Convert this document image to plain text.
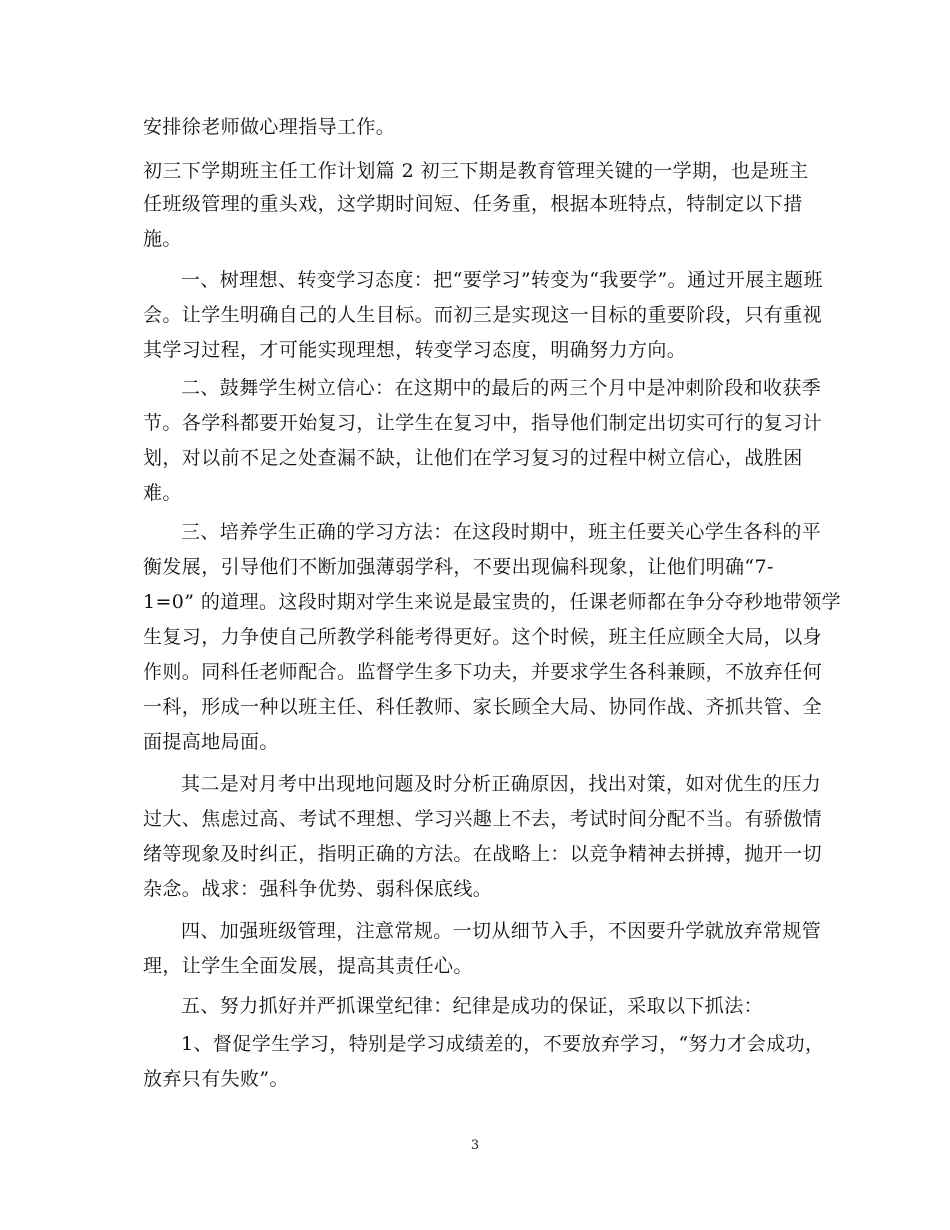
安排徐老师做心理指导工作。
初三下学期班主任工作计划篇 2 初三下期是教育管理关键的一学期，也是班主
任班级管理的重头戏，这学期时间短、任务重，根据本班特点，特制定以下措
施。
一、树理想、转变学习态度：把“要学习”转变为“我要学”。通过开展主题班
会。让学生明确自己的人生目标。而初三是实现这一目标的重要阶段，只有重视
其学习过程，才可能实现理想，转变学习态度，明确努力方向。
二、鼓舞学生树立信心：在这期中的最后的两三个月中是冲刺阶段和收获季
节。各学科都要开始复习，让学生在复习中，指导他们制定出切实可行的复习计
划，对以前不足之处查漏不缺，让他们在学习复习的过程中树立信心，战胜困
难。
三、培养学生正确的学习方法：在这段时期中，班主任要关心学生各科的平
衡发展，引导他们不断加强薄弱学科，不要出现偏科现象，让他们明确“7-
1=0” 的道理。这段时期对学生来说是最宝贵的，任课老师都在争分夺秒地带领学
生复习，力争使自己所教学科能考得更好。这个时候，班主任应顾全大局，以身
作则。同科任老师配合。监督学生多下功夫，并要求学生各科兼顾，不放弃任何
一科，形成一种以班主任、科任教师、家长顾全大局、协同作战、齐抓共管、全
面提高地局面。
其二是对月考中出现地问题及时分析正确原因，找出对策，如对优生的压力
过大、焦虑过高、考试不理想、学习兴趣上不去，考试时间分配不当。有骄傲情
绪等现象及时纠正，指明正确的方法。在战略上：以竞争精神去拼搏，抛开一切
杂念。战求：强科争优势、弱科保底线。
四、加强班级管理，注意常规。一切从细节入手，不因要升学就放弃常规管
理，让学生全面发展，提高其责任心。
五、努力抓好并严抓课堂纪律：纪律是成功的保证，采取以下抓法：
1、督促学生学习，特别是学习成绩差的，不要放弃学习，“努力才会成功，
放弃只有失败”。
3
